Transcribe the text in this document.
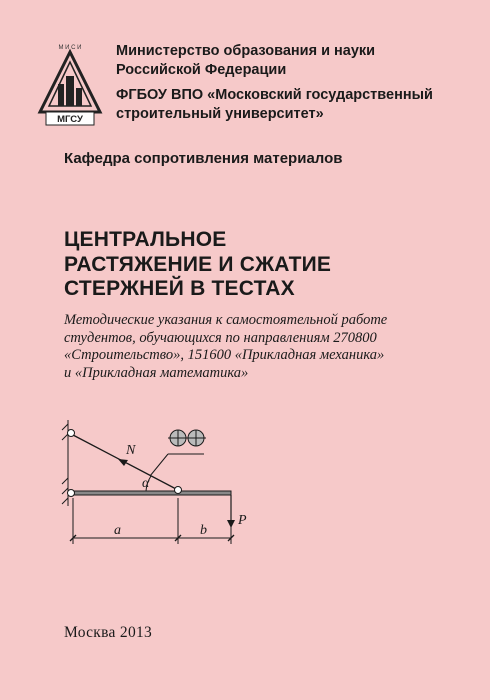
М И С И
МГСУ
Министерство образования и науки
Российской Федерации
ФГБОУ ВПО «Московский государственный
строительный университет»
Кафедра сопротивления материалов
ЦЕНТРАЛЬНОЕ
РАСТЯЖЕНИЕ И СЖАТИЕ
СТЕРЖНЕЙ В ТЕСТАХ
Методические указания к самостоятельной работе
студентов, обучающихся по направлениям 270800
«Строительство», 151600 «Прикладная механика»
и «Прикладная математика»
N
α
P
a	b
Москва 2013
